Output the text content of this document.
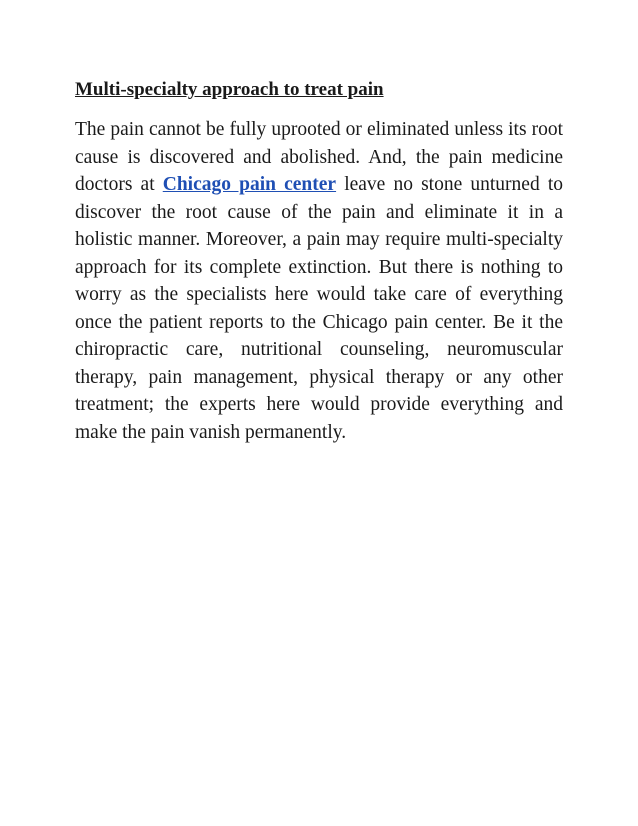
Multi-specialty approach to treat pain

The pain cannot be fully uprooted or eliminated unless its root cause is discovered and abolished. And, the pain medicine doctors at Chicago pain center leave no stone unturned to discover the root cause of the pain and eliminate it in a holistic manner. Moreover, a pain may require multi-specialty approach for its complete extinction. But there is nothing to worry as the specialists here would take care of everything once the patient reports to the Chicago pain center. Be it the chiropractic care, nutritional counseling, neuromuscular therapy, pain management, physical therapy or any other treatment; the experts here would provide everything and make the pain vanish permanently.
